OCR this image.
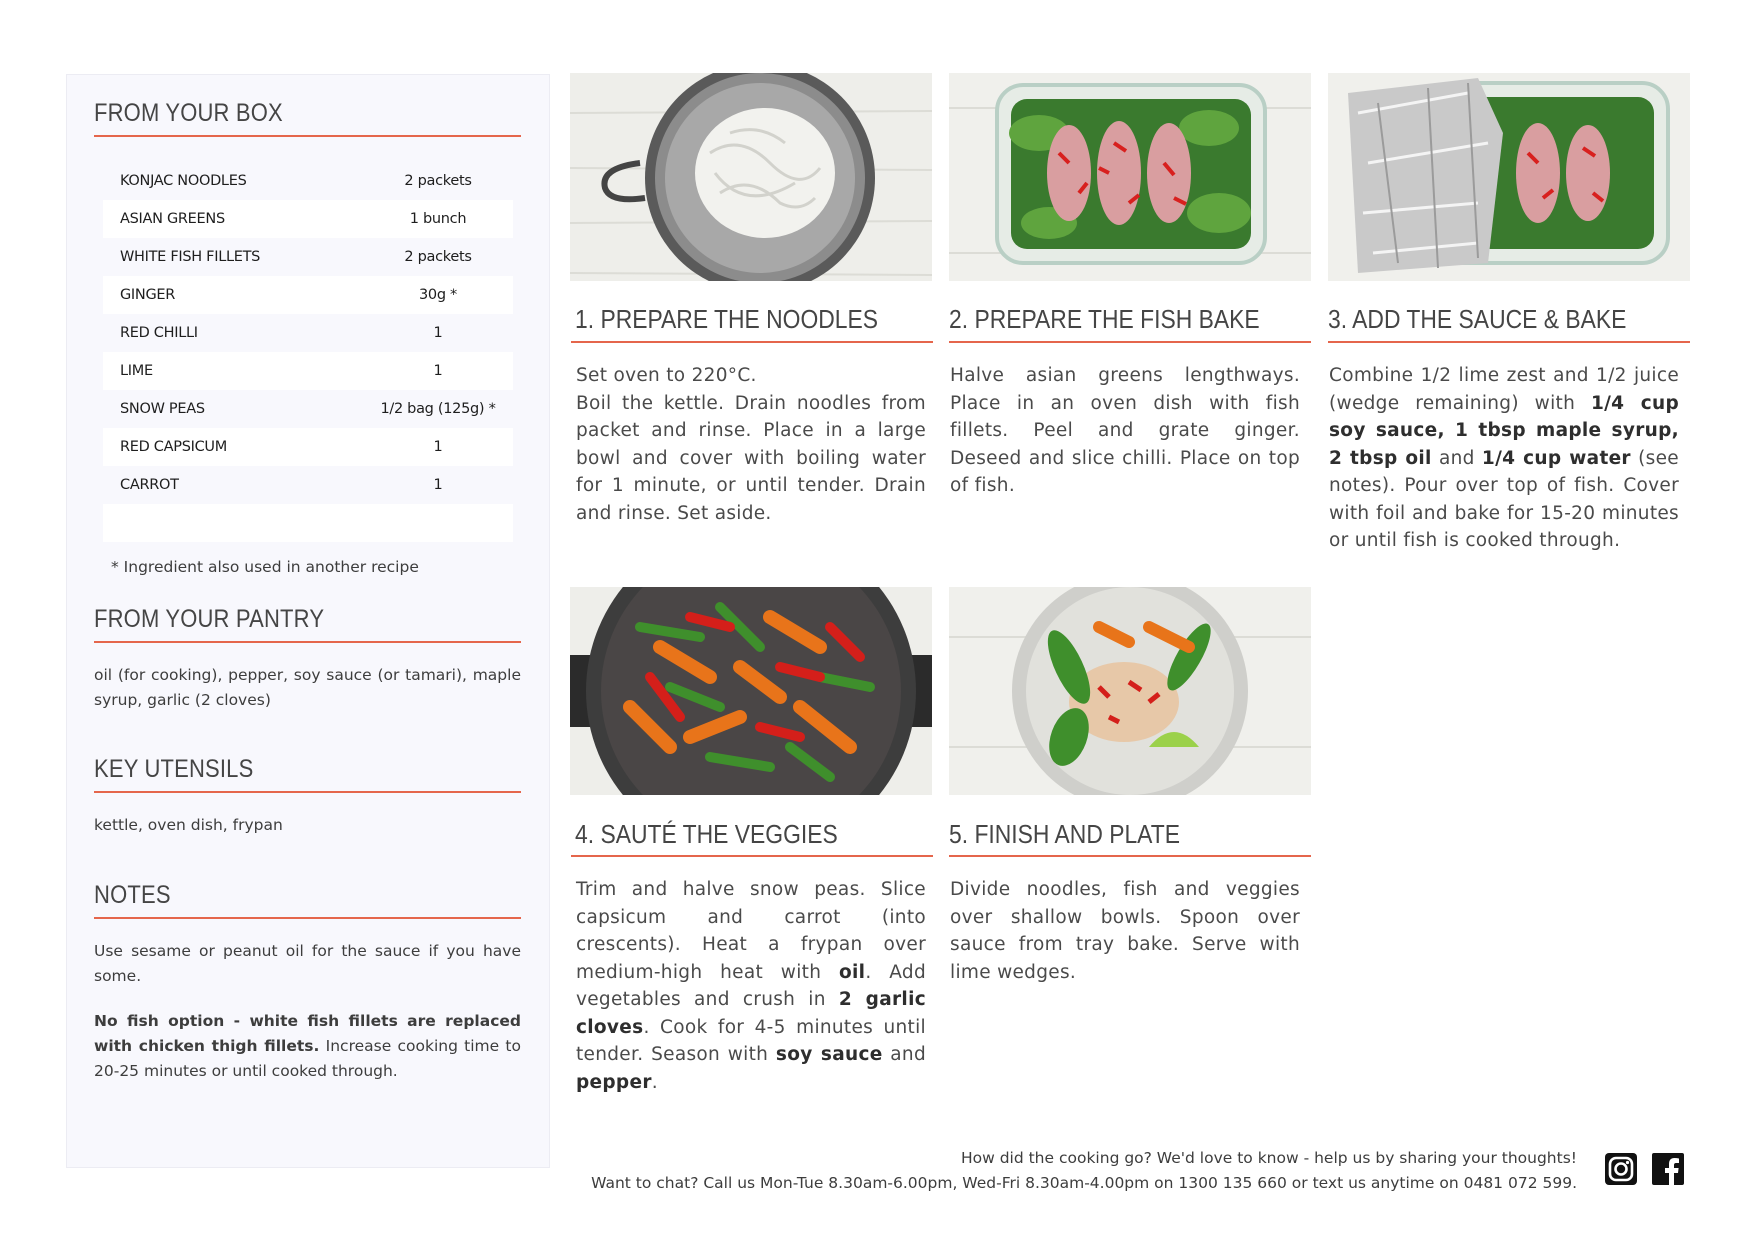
FROM YOUR BOX
KONJAC NOODLES	2 packets
ASIAN GREENS	1 bunch
WHITE FISH FILLETS	2 packets
GINGER	30g *
RED CHILLI	1
LIME	1
SNOW PEAS	1/2 bag (125g) *
RED CAPSICUM	1
CARROT	1
* Ingredient also used in another recipe
FROM YOUR PANTRY

oil (for cooking), pepper, soy sauce (or tamari), maple syrup, garlic (2 cloves)

KEY UTENSILS

kettle, oven dish, frypan

NOTES

Use sesame or peanut oil for the sauce if you have some.

No fish option - white fish fillets are replaced with chicken thigh fillets. Increase cooking time to 20-25 minutes or until cooked through.

1. PREPARE THE NOODLES
Set oven to 220°C.
Boil the kettle. Drain noodles from packet and rinse. Place in a large bowl and cover with boiling water for 1 minute, or until tender. Drain and rinse. Set aside.
2. PREPARE THE FISH BAKE

Halve asian greens lengthways. Place in an oven dish with fish fillets. Peel and grate ginger. Deseed and slice chilli. Place on top of fish.

3. ADD THE SAUCE & BAKE

Combine 1/2 lime zest and 1/2 juice (wedge remaining) with 1/4 cup soy sauce, 1 tbsp maple syrup, 2 tbsp oil and 1/4 cup water (see notes). Pour over top of fish. Cover with foil and bake for 15-20 minutes or until fish is cooked through.

4. SAUTÉ THE VEGGIES

Trim and halve snow peas. Slice capsicum and carrot (into crescents). Heat a frypan over medium-high heat with oil. Add vegetables and crush in 2 garlic cloves. Cook for 4-5 minutes until tender. Season with soy sauce and pepper.

5. FINISH AND PLATE

Divide noodles, fish and veggies over shallow bowls. Spoon over sauce from tray bake. Serve with lime wedges.

How did the cooking go? We'd love to know - help us by sharing your thoughts!
Want to chat? Call us Mon-Tue 8.30am-6.00pm, Wed-Fri 8.30am-4.00pm on 1300 135 660 or text us anytime on 0481 072 599.
